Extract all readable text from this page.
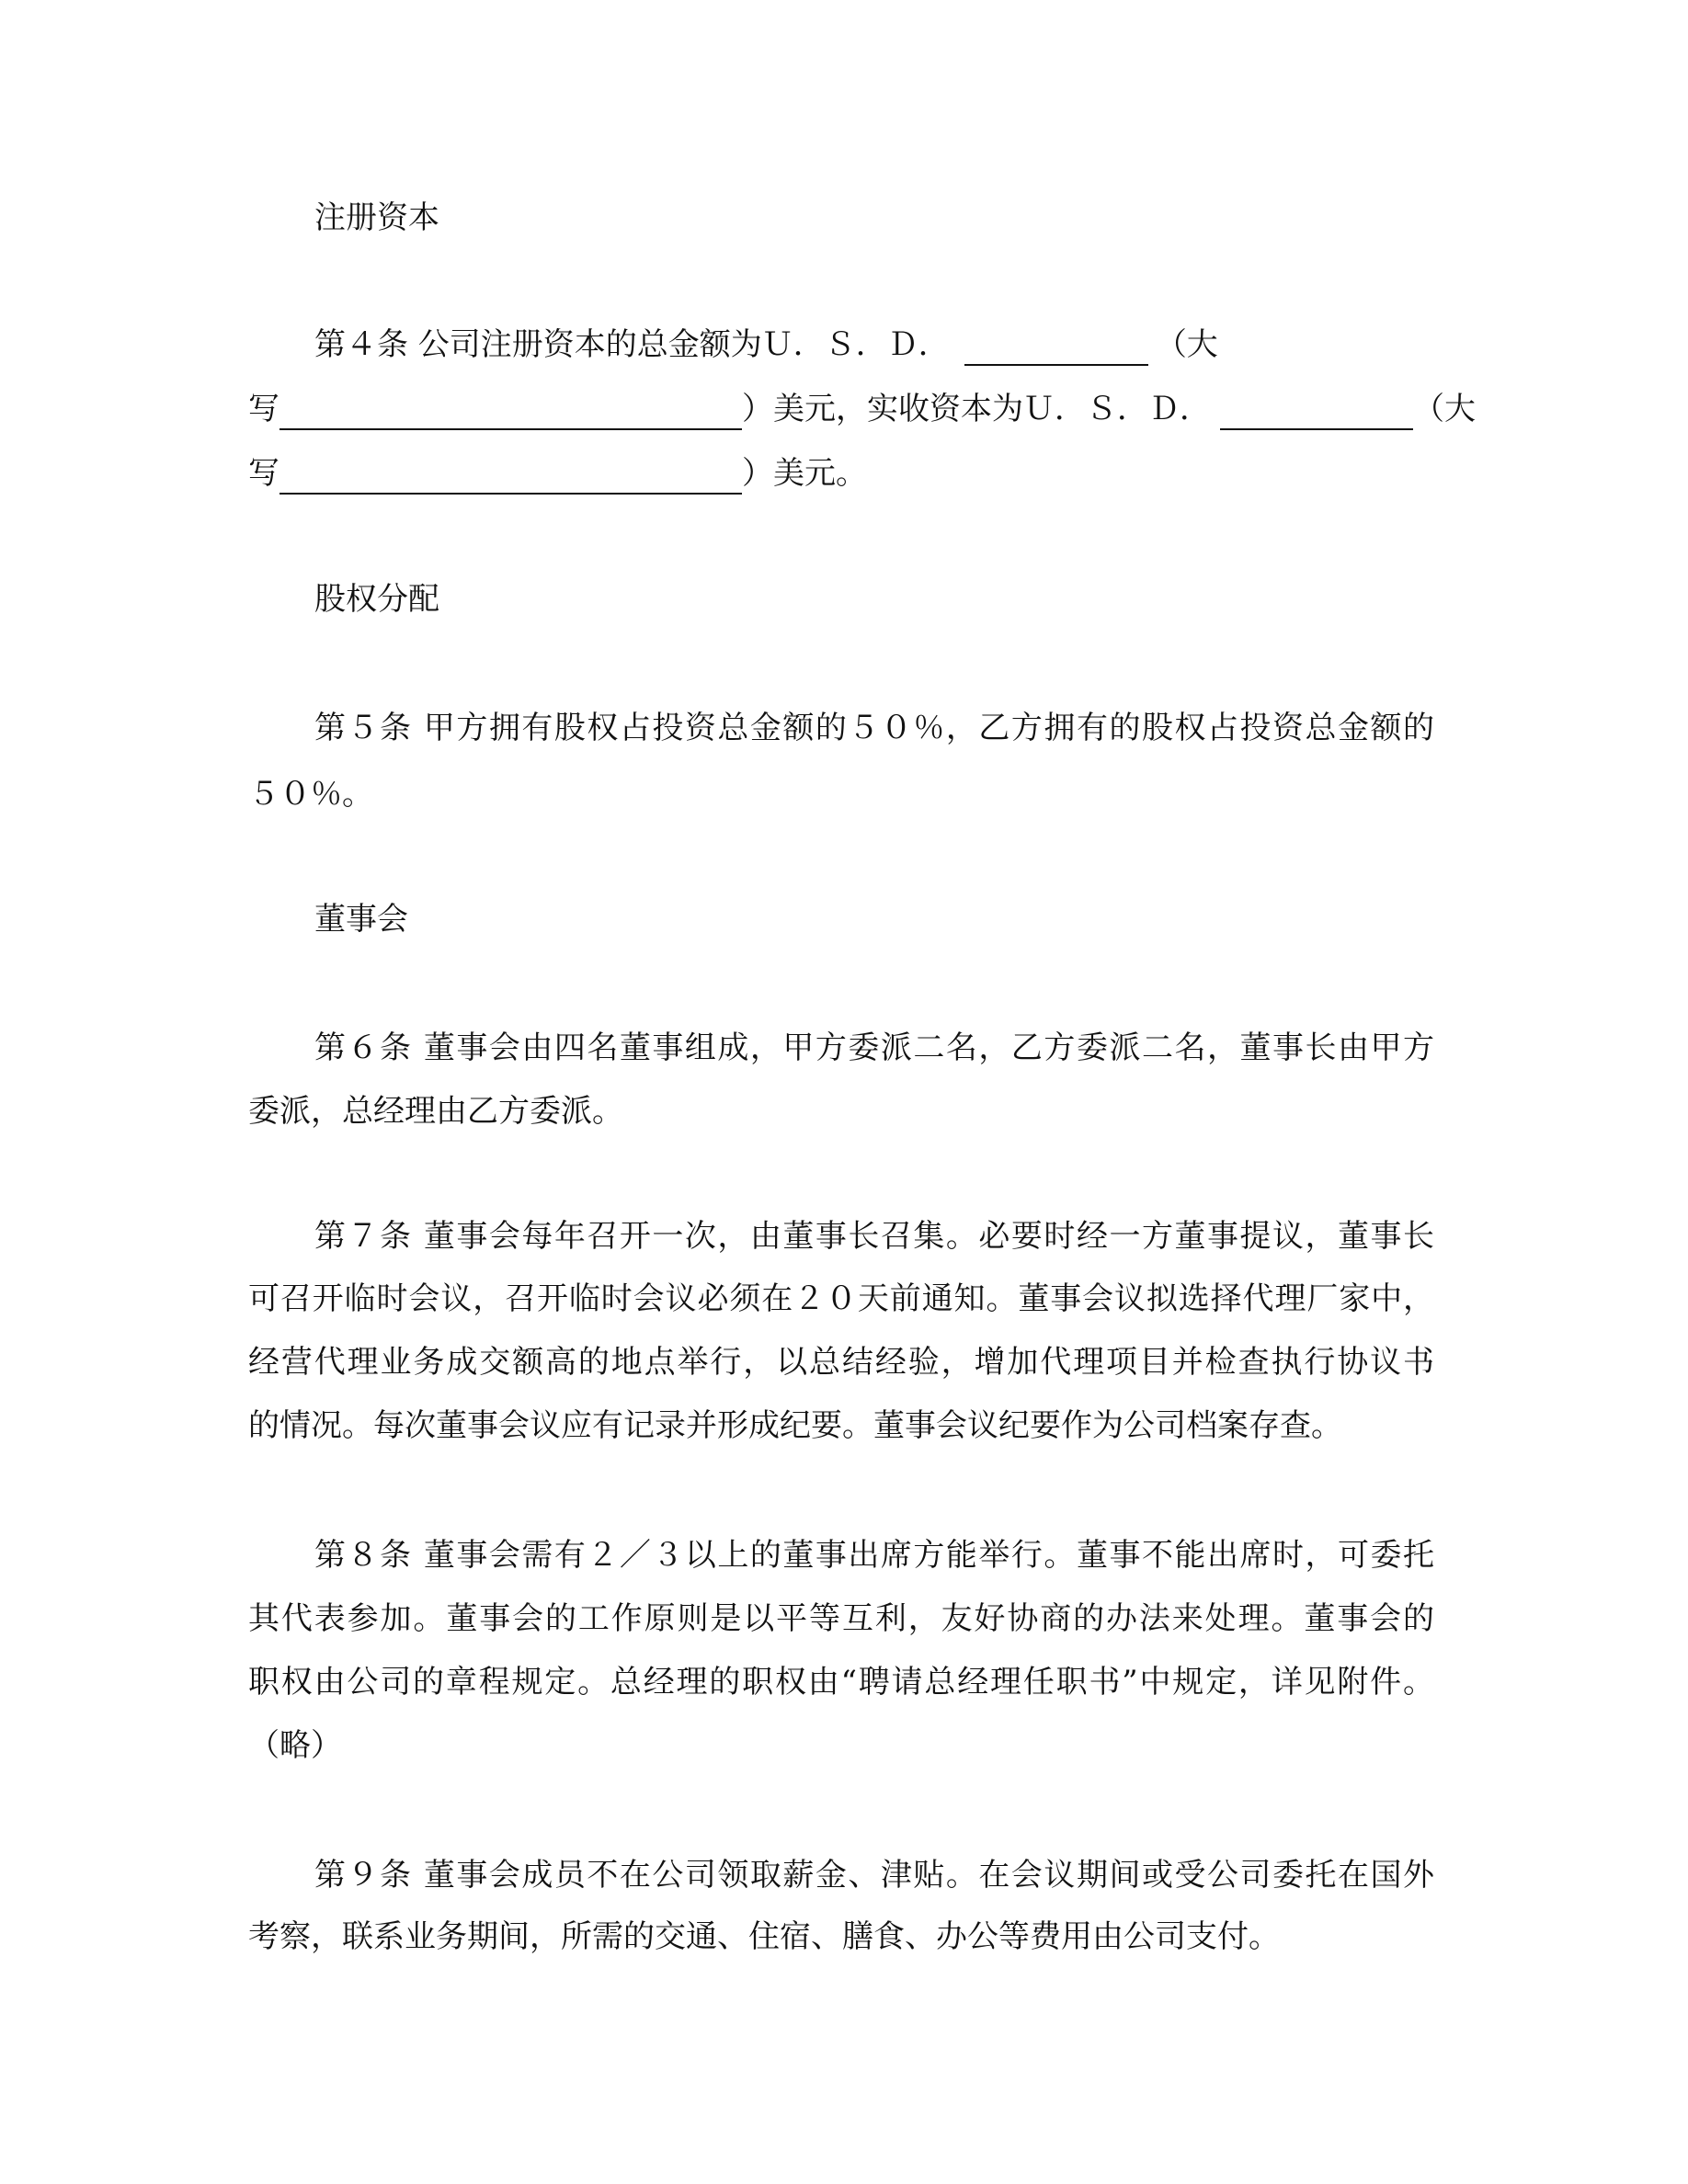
注册资本
第４条 公司注册资本的总金额为Ｕ．Ｓ．Ｄ．	（大
写	）美元，实收资本为Ｕ．Ｓ．Ｄ．	（大
写	）美元。
股权分配
第５条 甲方拥有股权占投资总金额的５０％，乙方拥有的股权占投资总金额的
５０％。
董事会
第６条 董事会由四名董事组成，甲方委派二名，乙方委派二名，董事长由甲方
委派，总经理由乙方委派。
第７条 董事会每年召开一次，由董事长召集。必要时经一方董事提议，董事长
可召开临时会议，召开临时会议必须在２０天前通知。董事会议拟选择代理厂家中，
经营代理业务成交额高的地点举行，以总结经验，增加代理项目并检查执行协议书
的情况。每次董事会议应有记录并形成纪要。董事会议纪要作为公司档案存查。
第８条 董事会需有２／３以上的董事出席方能举行。董事不能出席时，可委托
其代表参加。董事会的工作原则是以平等互利，友好协商的办法来处理。董事会的
职权由公司的章程规定。总经理的职权由“聘请总经理任职书”中规定，详见附件。
（略）
第９条 董事会成员不在公司领取薪金、津贴。在会议期间或受公司委托在国外
考察，联系业务期间，所需的交通、住宿、膳食、办公等费用由公司支付。
